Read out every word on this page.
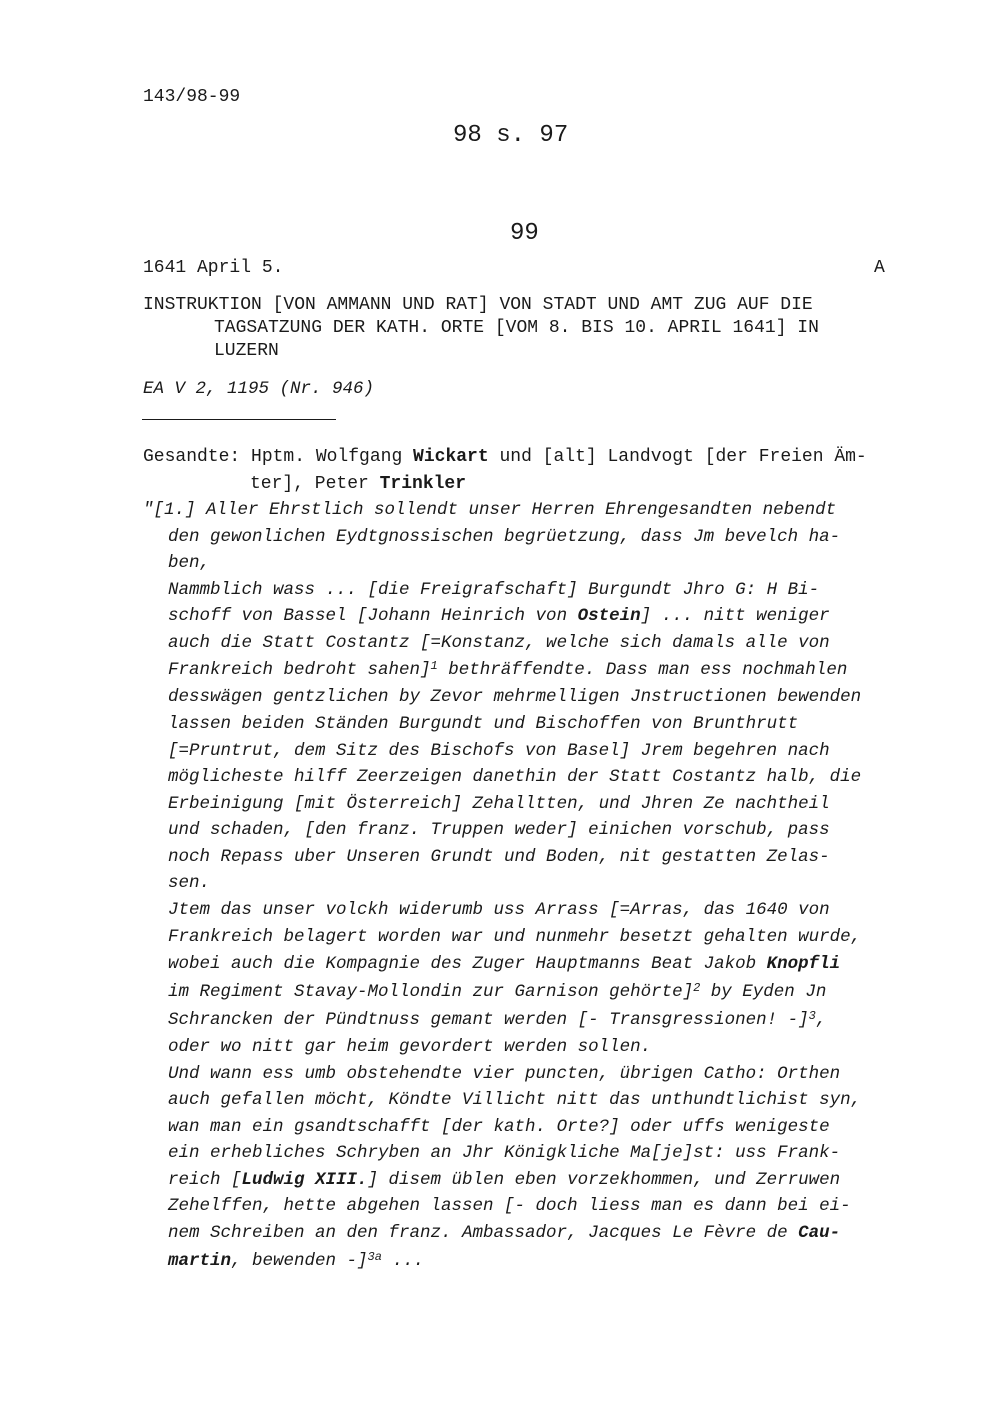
143/98-99
98 s. 97
99
1641 April 5.	A
INSTRUKTION [VON AMMANN UND RAT] VON STADT UND AMT ZUG AUF DIE
TAGSATZUNG DER KATH. ORTE [VOM 8. BIS 10. APRIL 1641] IN
LUZERN
EA V 2, 1195 (Nr. 946)
Gesandte: Hptm. Wolfgang Wickart und [alt] Landvogt [der Freien Äm-
ter], Peter Trinkler
"[1.] Aller Ehrstlich sollendt unser Herren Ehrengesandten nebendt
den gewonlichen Eydtgnossischen begrüetzung, dass Jm bevelch ha-
ben,
Nammblich wass ... [die Freigrafschaft] Burgundt Jhro G: H Bi-
schoff von Bassel [Johann Heinrich von Ostein] ... nitt weniger
auch die Statt Costantz [=Konstanz, welche sich damals alle von
Frankreich bedroht sahen]$^1$ bethräffendte. Dass man ess nochmahlen
desswägen gentzlichen by Zevor mehrmelligen Jnstructionen bewenden
lassen beiden Ständen Burgundt und Bischoffen von Brunthrutt
[=Pruntrut, dem Sitz des Bischofs von Basel] Jrem begehren nach
möglicheste hilff Zeerzeigen danethin der Statt Costantz halb, die
Erbeinigung [mit Österreich] Zehalltten, und Jhren Ze nachtheil
und schaden, [den franz. Truppen weder] einichen vorschub, pass
noch Repass uber Unseren Grundt und Boden, nit gestatten Zelas-
sen.
Jtem das unser volckh widerumb uss Arrass [=Arras, das 1640 von
Frankreich belagert worden war und nunmehr besetzt gehalten wurde,
wobei auch die Kompagnie des Zuger Hauptmanns Beat Jakob Knopfli
im Regiment Stavay-Mollondin zur Garnison gehörte]$^2$ by Eyden Jn
Schrancken der Pündtnuss gemant werden [- Transgressionen! -]$^3$,
oder wo nitt gar heim gevordert werden sollen.
Und wann ess umb obstehendte vier puncten, übrigen Catho: Orthen
auch gefallen möcht, Köndte Villicht nitt das unthundtlichist syn,
wan man ein gsandtschafft [der kath. Orte?] oder uffs wenigeste
ein erhebliches Schryben an Jhr Königkliche Ma[je]st: uss Frank-
reich [Ludwig XIII.] disem üblen eben vorzekhommen, und Zerruwen
Zehelffen, hette abgehen lassen [- doch liess man es dann bei ei-
nem Schreiben an den franz. Ambassador, Jacques Le Fèvre de Cau-
martin, bewenden -]$^{3a}$ ...
